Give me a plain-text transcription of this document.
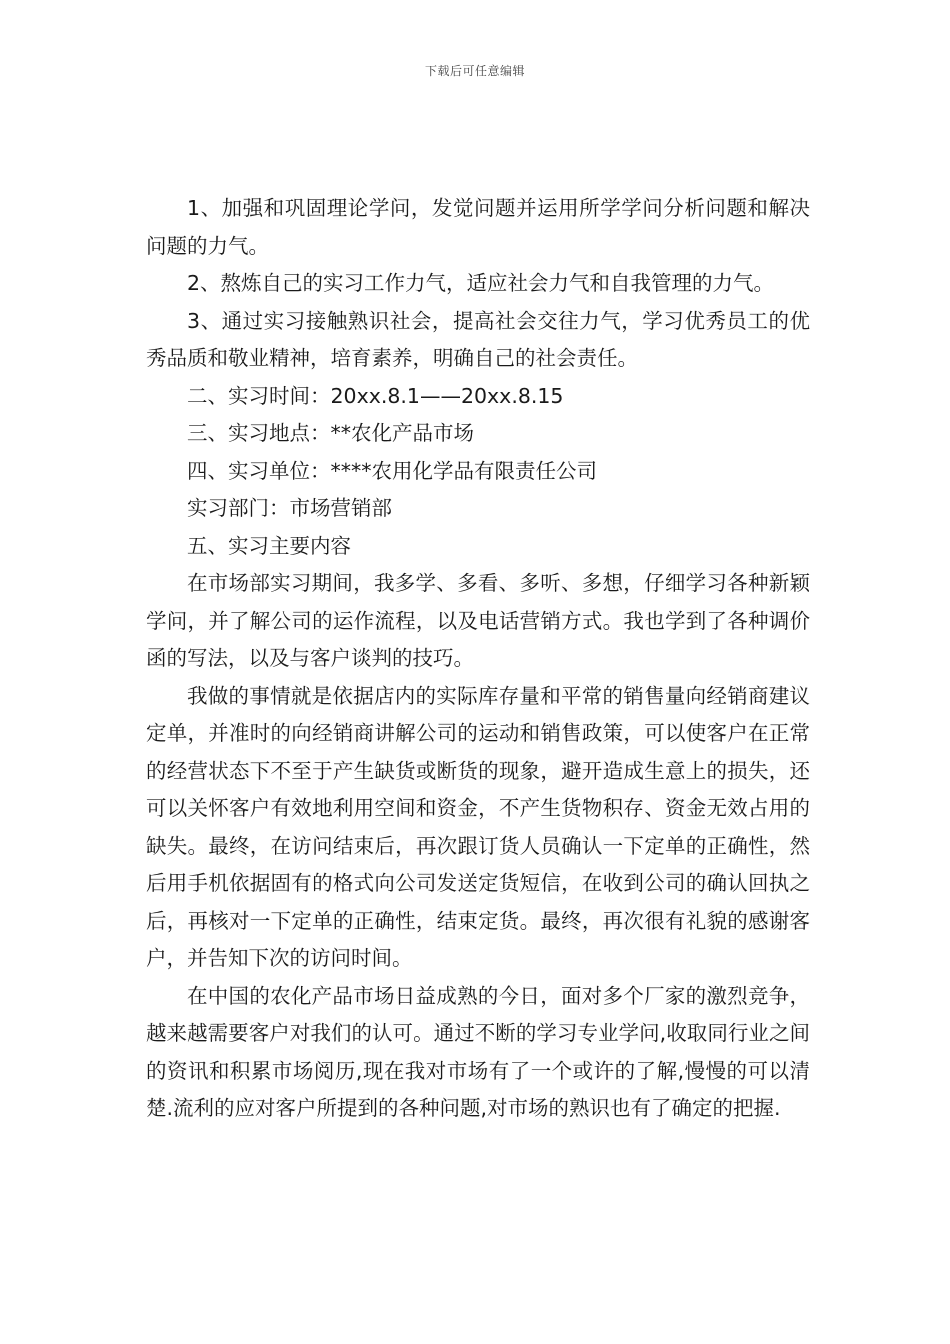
下载后可任意编辑

1、加强和巩固理论学问，发觉问题并运用所学学问分析问题和解决问题的力气。

2、熬炼自己的实习工作力气，适应社会力气和自我管理的力气。

3、通过实习接触熟识社会，提高社会交往力气，学习优秀员工的优秀品质和敬业精神，培育素养，明确自己的社会责任。

二、实习时间：20xx.8.1——20xx.8.15

三、实习地点：**农化产品市场

四、实习单位：****农用化学品有限责任公司

实习部门：市场营销部

五、实习主要内容

在市场部实习期间，我多学、多看、多听、多想，仔细学习各种新颖学问，并了解公司的运作流程，以及电话营销方式。我也学到了各种调价函的写法，以及与客户谈判的技巧。

我做的事情就是依据店内的实际库存量和平常的销售量向经销商建议定单，并准时的向经销商讲解公司的运动和销售政策，可以使客户在正常的经营状态下不至于产生缺货或断货的现象，避开造成生意上的损失，还可以关怀客户有效地利用空间和资金，不产生货物积存、资金无效占用的缺失。最终，在访问结束后，再次跟订货人员确认一下定单的正确性，然后用手机依据固有的格式向公司发送定货短信，在收到公司的确认回执之后，再核对一下定单的正确性，结束定货。最终，再次很有礼貌的感谢客户，并告知下次的访问时间。

在中国的农化产品市场日益成熟的今日，面对多个厂家的激烈竞争，越来越需要客户对我们的认可。通过不断的学习专业学问,收取同行业之间的资讯和积累市场阅历,现在我对市场有了一个或许的了解,慢慢的可以清楚.流利的应对客户所提到的各种问题,对市场的熟识也有了确定的把握.
